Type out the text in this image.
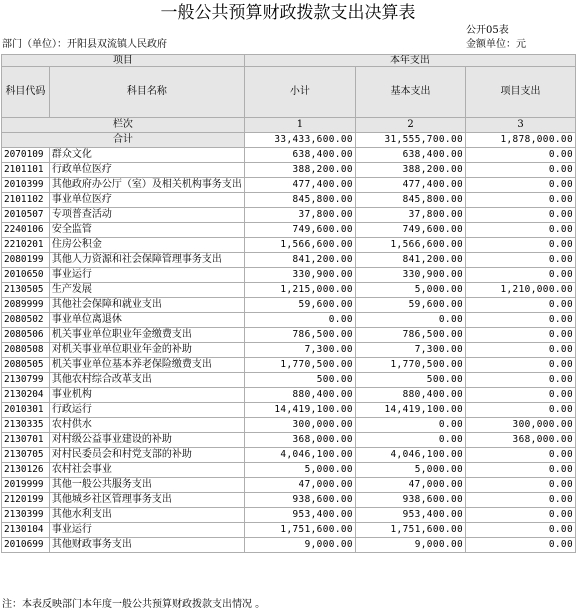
一般公共预算财政拨款支出决算表
公开05表
部门（单位）：开阳县双流镇人民政府	金额单位：元
项目		本年支出		
科目代码	科目名称	小计	基本支出	项目支出
栏次		1	2	3
合计		33,433,600.00	31,555,700.00	1,878,000.00
2070109	群众文化	638,400.00	638,400.00	0.00
2101101	行政单位医疗	388,200.00	388,200.00	0.00
2010399	其他政府办公厅（室）及相关机构事务支出	477,400.00	477,400.00	0.00
2101102	事业单位医疗	845,800.00	845,800.00	0.00
2010507	专项普查活动	37,800.00	37,800.00	0.00
2240106	安全监管	749,600.00	749,600.00	0.00
2210201	住房公积金	1,566,600.00	1,566,600.00	0.00
2080199	其他人力资源和社会保障管理事务支出	841,200.00	841,200.00	0.00
2010650	事业运行	330,900.00	330,900.00	0.00
2130505	生产发展	1,215,000.00	5,000.00	1,210,000.00
2089999	其他社会保障和就业支出	59,600.00	59,600.00	0.00
2080502	事业单位离退休	0.00	0.00	0.00
2080506	机关事业单位职业年金缴费支出	786,500.00	786,500.00	0.00
2080508	对机关事业单位职业年金的补助	7,300.00	7,300.00	0.00
2080505	机关事业单位基本养老保险缴费支出	1,770,500.00	1,770,500.00	0.00
2130799	其他农村综合改革支出	500.00	500.00	0.00
2130204	事业机构	880,400.00	880,400.00	0.00
2010301	行政运行	14,419,100.00	14,419,100.00	0.00
2130335	农村供水	300,000.00	0.00	300,000.00
2130701	对村级公益事业建设的补助	368,000.00	0.00	368,000.00
2130705	对村民委员会和村党支部的补助	4,046,100.00	4,046,100.00	0.00
2130126	农村社会事业	5,000.00	5,000.00	0.00
2019999	其他一般公共服务支出	47,000.00	47,000.00	0.00
2120199	其他城乡社区管理事务支出	938,600.00	938,600.00	0.00
2130399	其他水利支出	953,400.00	953,400.00	0.00
2130104	事业运行	1,751,600.00	1,751,600.00	0.00
2010699	其他财政事务支出	9,000.00	9,000.00	0.00
注：本表反映部门本年度一般公共预算财政拨款支出情况 。
